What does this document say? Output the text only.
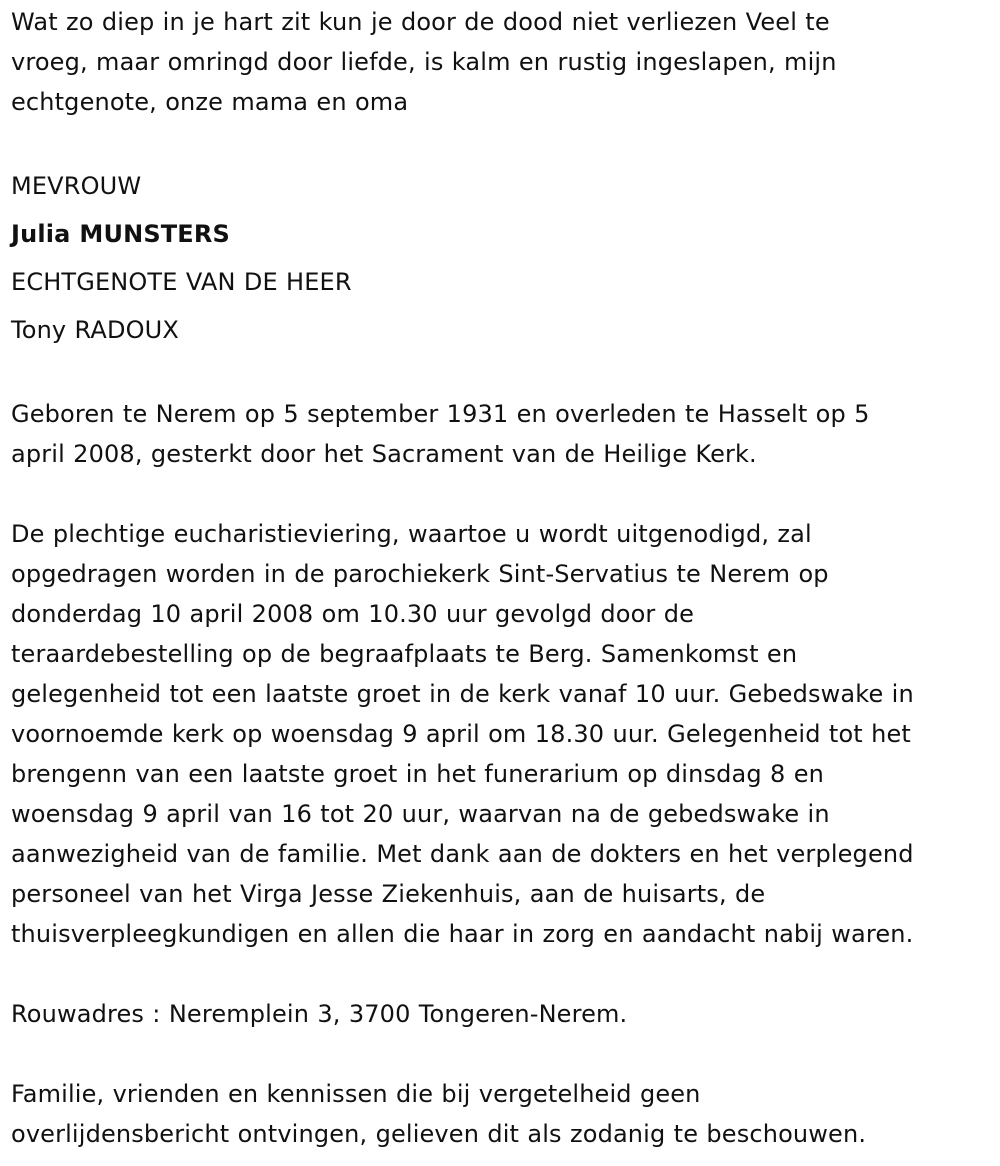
Wat zo diep in je hart zit kun je door de dood niet verliezen Veel te
vroeg, maar omringd door liefde, is kalm en rustig ingeslapen, mijn
echtgenote, onze mama en oma
MEVROUW
Julia MUNSTERS
ECHTGENOTE VAN DE HEER
Tony RADOUX
Geboren te Nerem op 5 september 1931 en overleden te Hasselt op 5
april 2008, gesterkt door het Sacrament van de Heilige Kerk.
De plechtige eucharistieviering, waartoe u wordt uitgenodigd, zal
opgedragen worden in de parochiekerk Sint-Servatius te Nerem op
donderdag 10 april 2008 om 10.30 uur gevolgd door de
teraardebestelling op de begraafplaats te Berg. Samenkomst en
gelegenheid tot een laatste groet in de kerk vanaf 10 uur. Gebedswake in
voornoemde kerk op woensdag 9 april om 18.30 uur. Gelegenheid tot het
brengenn van een laatste groet in het funerarium op dinsdag 8 en
woensdag 9 april van 16 tot 20 uur, waarvan na de gebedswake in
aanwezigheid van de familie. Met dank aan de dokters en het verplegend
personeel van het Virga Jesse Ziekenhuis, aan de huisarts, de
thuisverpleegkundigen en allen die haar in zorg en aandacht nabij waren.
Rouwadres : Neremplein 3, 3700 Tongeren-Nerem.
Familie, vrienden en kennissen die bij vergetelheid geen
overlijdensbericht ontvingen, gelieven dit als zodanig te beschouwen.
